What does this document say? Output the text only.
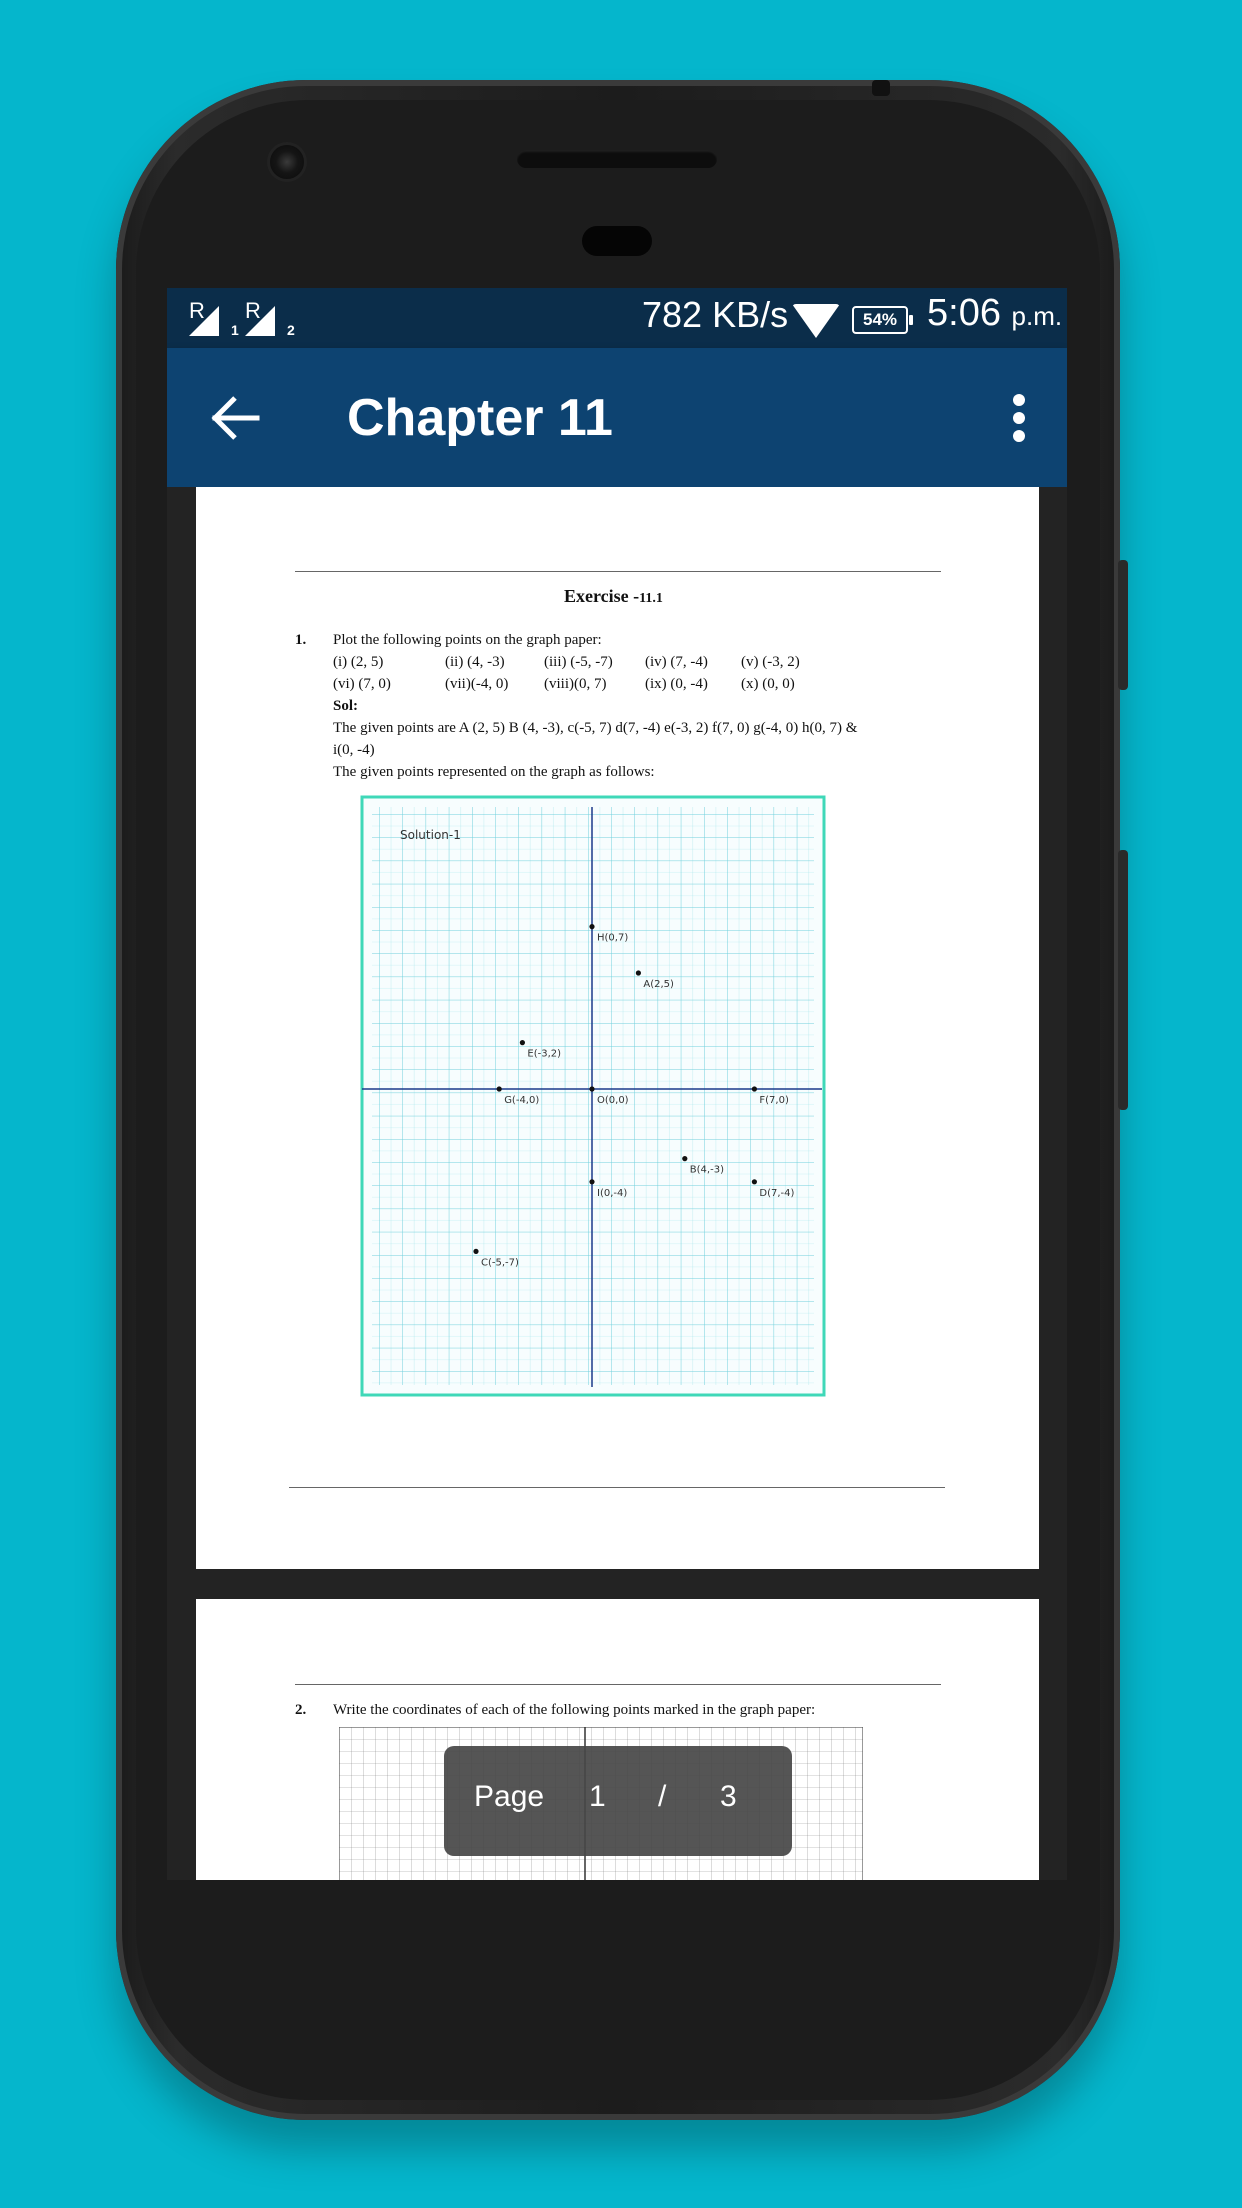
R
1
R
2	782 KB/s	54% 5:06 p.m.
Chapter 11
Exercise -11.1
1. Plot the following points on the graph paper:
(i) (2, 5)	(ii) (4, -3)	(iii) (-5, -7) (iv) (7, -4) (v) (-3, 2)
(vi) (7, 0)	(vii)(-4, 0) (viii)(0, 7)	(ix) (0, -4) (x) (0, 0)
Sol:
The given points are A (2, 5) B (4, -3), c(-5, 7) d(7, -4) e(-3, 2) f(7, 0) g(-4, 0) h(0, 7) &
i(0, -4)
The given points represented on the graph as follows:
Solution-1
H(0,7)
A(2,5)
E(-3,2)
G(-4,0)	F(7,0)
B(4,-3)
D(7,-4)
I(0,-4)
C(-5,-7)
O(0,0)
2. Write the coordinates of each of the following points marked in the graph paper:
Page 1 / 3
